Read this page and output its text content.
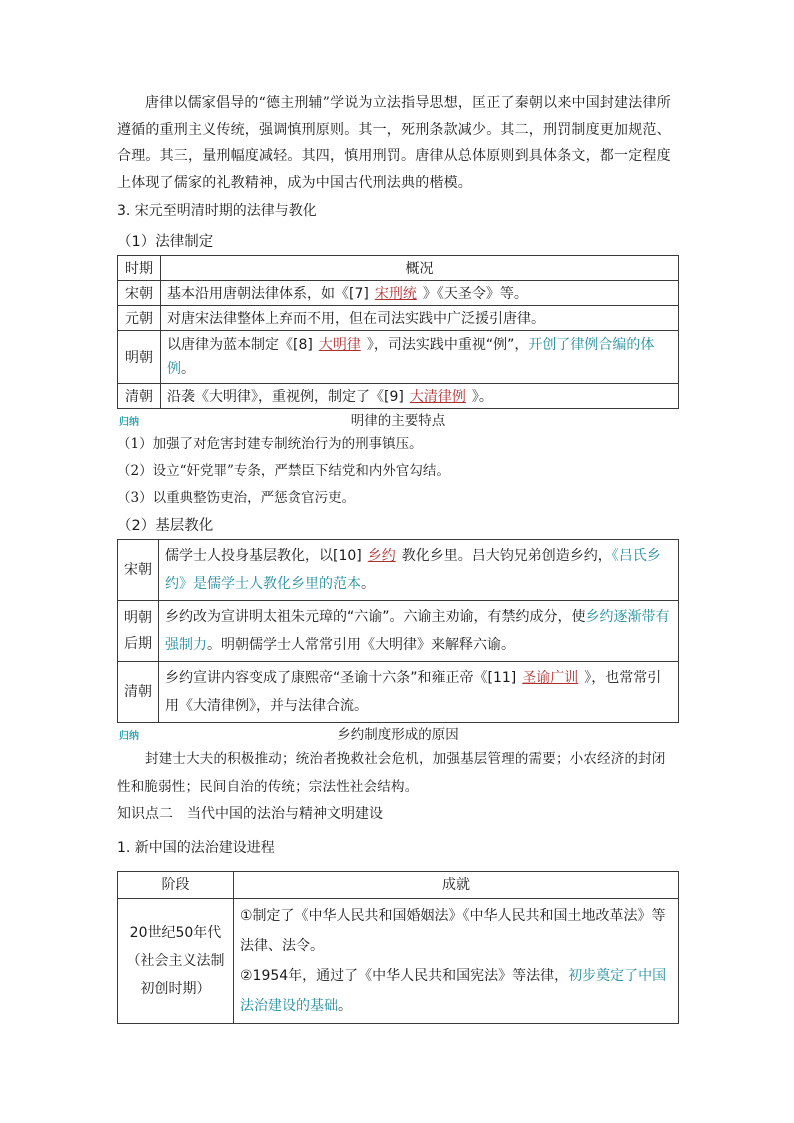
唐律以儒家倡导的“德主刑辅”学说为立法指导思想，匡正了秦朝以来中国封建法律所遵循的重刑主义传统，强调慎刑原则。其一，死刑条款减少。其二，刑罚制度更加规范、合理。其三，量刑幅度减轻。其四，慎用刑罚。唐律从总体原则到具体条文，都一定程度上体现了儒家的礼教精神，成为中国古代刑法典的楷模。

3. 宋元至明清时期的法律与教化

（1）法律制定

时期	概况
宋朝	基本沿用唐朝法律体系，如《[7] 宋刑统 》《天圣令》等。
元朝	对唐宋法律整体上弃而不用，但在司法实践中广泛援引唐律。
明朝	以唐律为蓝本制定《[8] 大明律 》，司法实践中重视“例”，开创了律例合编的体例。
清朝	沿袭《大明律》，重视例，制定了《[9] 大清律例 》。
归纳	明律的主要特点

（1）加强了对危害封建专制统治行为的刑事镇压。

（2）设立“奸党罪”专条，严禁臣下结党和内外官勾结。

（3）以重典整饬吏治，严惩贪官污吏。

（2）基层教化

宋朝	儒学士人投身基层教化，以[10] 乡约 教化乡里。吕大钧兄弟创造乡约，《吕氏乡约》是儒学士人教化乡里的范本。
明朝后期	乡约改为宣讲明太祖朱元璋的“六谕”。六谕主劝谕，有禁约成分，使乡约逐渐带有强制力。明朝儒学士人常常引用《大明律》来解释六谕。
清朝	乡约宣讲内容变成了康熙帝“圣谕十六条”和雍正帝《[11] 圣谕广训 》，也常常引用《大清律例》，并与法律合流。
归纳	乡约制度形成的原因

封建士大夫的积极推动；统治者挽救社会危机，加强基层管理的需要；小农经济的封闭性和脆弱性；民间自治的传统；宗法性社会结构。

知识点二　当代中国的法治与精神文明建设

1. 新中国的法治建设进程

阶段	成就
20世纪50年代（社会主义法制初创时期）	①制定了《中华人民共和国婚姻法》《中华人民共和国土地改革法》等法律、法令。
②1954年，通过了《中华人民共和国宪法》等法律，初步奠定了中国法治建设的基础。
